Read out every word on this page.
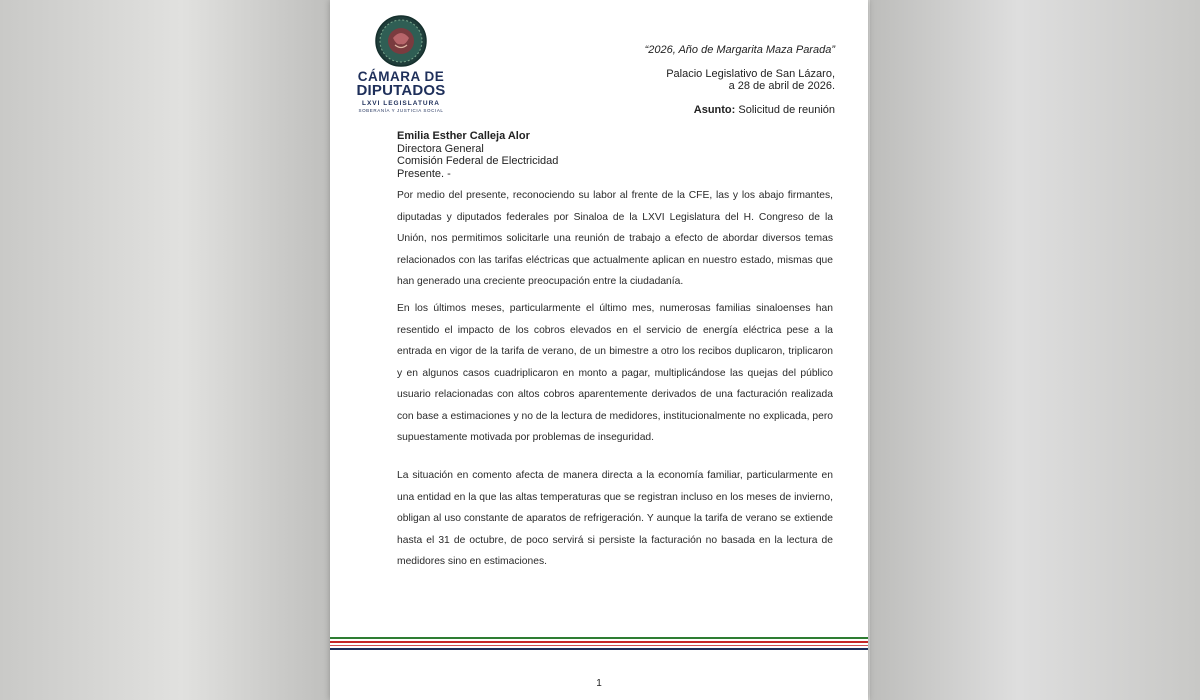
CÁMARA DE
DIPUTADOS
LXVI LEGISLATURA
SOBERANÍA Y JUSTICIA SOCIAL
“2026, Año de Margarita Maza Parada”
Palacio Legislativo de San Lázaro,
a 28 de abril de 2026.
Asunto: Solicitud de reunión
Emilia Esther Calleja Alor
Directora General
Comisión Federal de Electricidad
Presente. -

Por medio del presente, reconociendo su labor al frente de la CFE, las y los abajo firmantes, diputadas y diputados federales por Sinaloa de la LXVI Legislatura del H. Congreso de la Unión, nos permitimos solicitarle una reunión de trabajo a efecto de abordar diversos temas relacionados con las tarifas eléctricas que actualmente aplican en nuestro estado, mismas que han generado una creciente preocupación entre la ciudadanía.

En los últimos meses, particularmente el último mes, numerosas familias sinaloenses han resentido el impacto de los cobros elevados en el servicio de energía eléctrica pese a la entrada en vigor de la tarifa de verano, de un bimestre a otro los recibos duplicaron, triplicaron y en algunos casos cuadriplicaron en monto a pagar, multiplicándose las quejas del público usuario relacionadas con altos cobros aparentemente derivados de una facturación realizada con base a estimaciones y no de la lectura de medidores, institucionalmente no explicada, pero supuestamente motivada por problemas de inseguridad.

La situación en comento afecta de manera directa a la economía familiar, particularmente en una entidad en la que las altas temperaturas que se registran incluso en los meses de invierno, obligan al uso constante de aparatos de refrigeración. Y aunque la tarifa de verano se extiende hasta el 31 de octubre, de poco servirá si persiste la facturación no basada en la lectura de medidores sino en estimaciones.

1
